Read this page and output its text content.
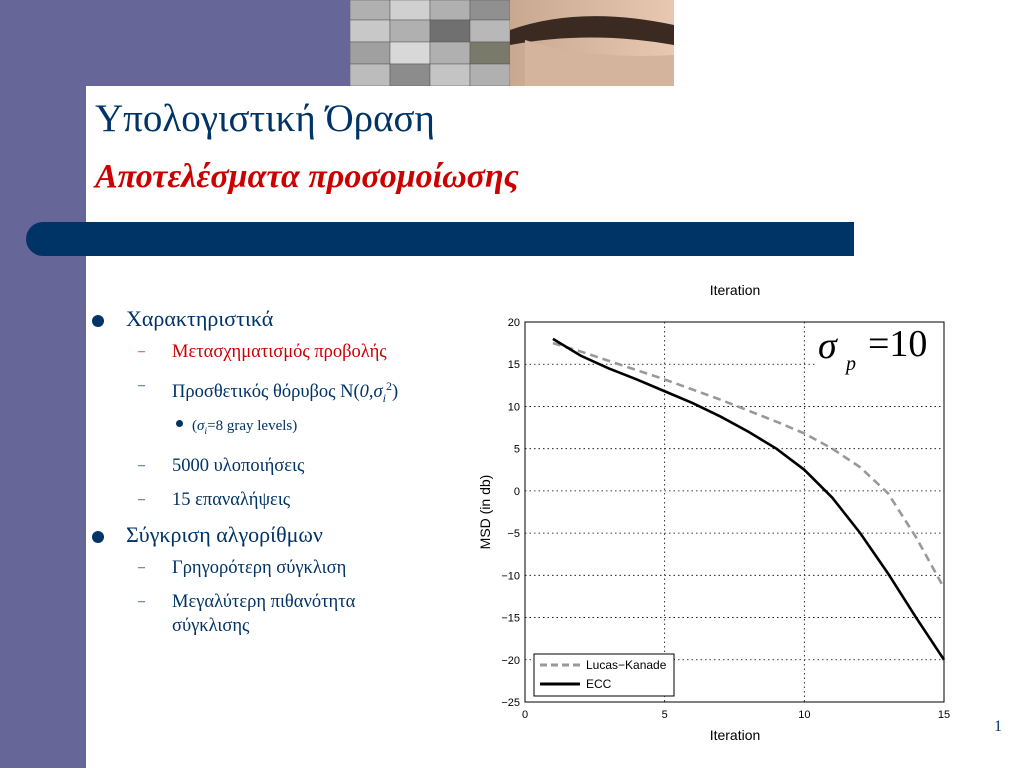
Υπολογιστική Όραση
Αποτελέσματα προσομοίωσης
Χαρακτηριστικά
– Μετασχηματισμός προβολής
– Προσθετικός θόρυβος $N(0,\sigma_i^2)$
($\sigma_i=8$ gray levels)
– 5000 υλοποιήσεις
– 15 επαναλήψεις
Σύγκριση αλγορίθμων
– Γρηγορότερη σύγκλιση
– Μεγαλύτερη πιθανότητα σύγκλισης
Iteration
0	5	10	15
20
15
10
5
0
−5
−10
−15
−20
−25
MSD (in db)
Iteration
σ p =10
Lucas−Kanade
ECC
1
